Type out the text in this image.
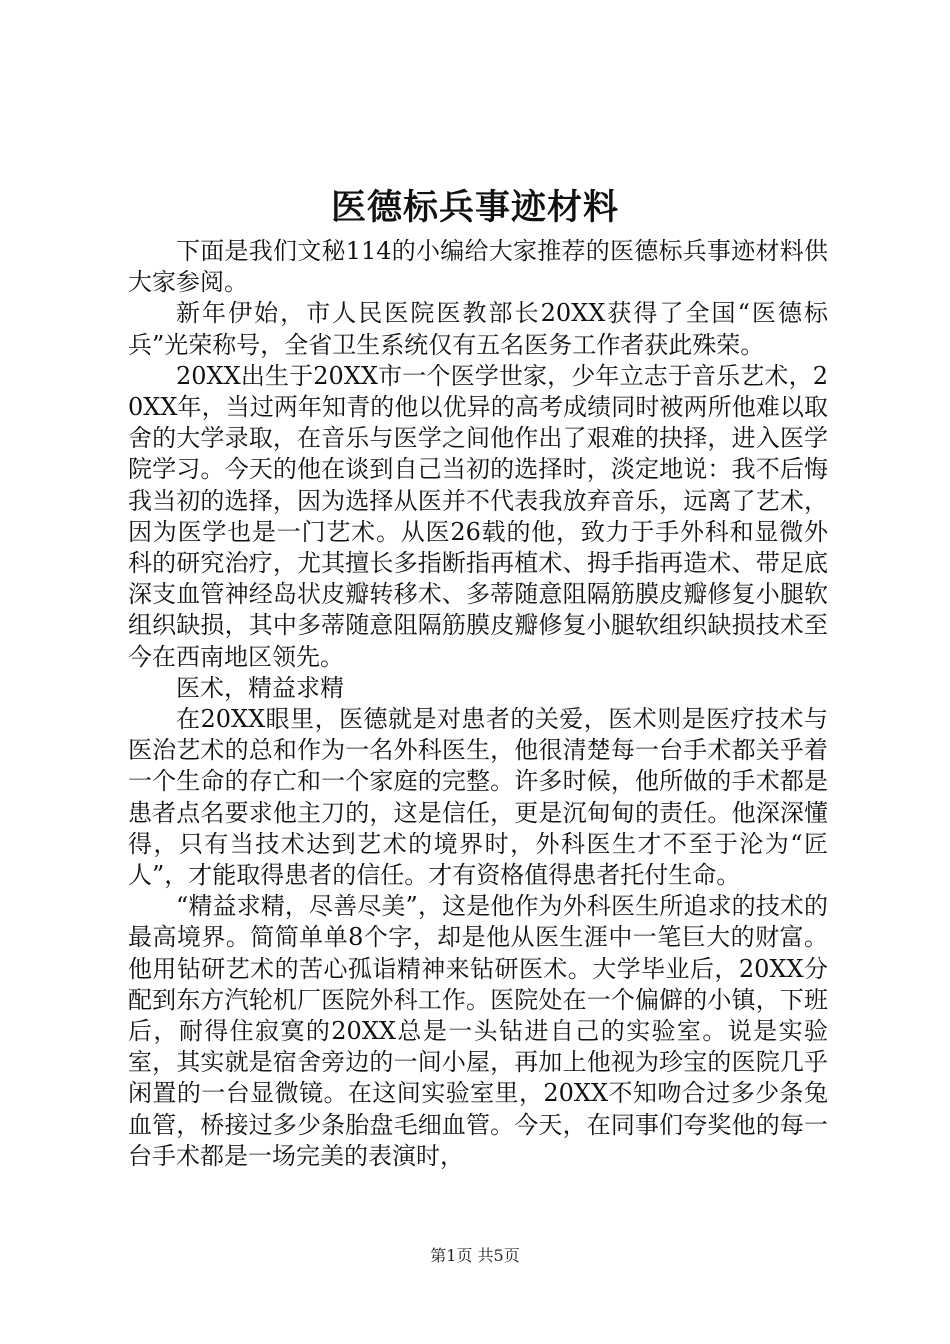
医德标兵事迹材料

下面是我们文秘114的小编给大家推荐的医德标兵事迹材料供大家参阅。

新年伊始，市人民医院医教部长20XX获得了全国“医德标兵”光荣称号，全省卫生系统仅有五名医务工作者获此殊荣。

20XX出生于20XX市一个医学世家，少年立志于音乐艺术，20XX年，当过两年知青的他以优异的高考成绩同时被两所他难以取舍的大学录取，在音乐与医学之间他作出了艰难的抉择，进入医学院学习。今天的他在谈到自己当初的选择时，淡定地说：我不后悔我当初的选择，因为选择从医并不代表我放弃音乐，远离了艺术，因为医学也是一门艺术。从医26载的他，致力于手外科和显微外科的研究治疗，尤其擅长多指断指再植术、拇手指再造术、带足底深支血管神经岛状皮瓣转移术、多蒂随意阻隔筋膜皮瓣修复小腿软组织缺损，其中多蒂随意阻隔筋膜皮瓣修复小腿软组织缺损技术至今在西南地区领先。

医术，精益求精

在20XX眼里，医德就是对患者的关爱，医术则是医疗技术与医治艺术的总和作为一名外科医生，他很清楚每一台手术都关乎着一个生命的存亡和一个家庭的完整。许多时候，他所做的手术都是患者点名要求他主刀的，这是信任，更是沉甸甸的责任。他深深懂得，只有当技术达到艺术的境界时，外科医生才不至于沦为“匠人”，才能取得患者的信任。才有资格值得患者托付生命。

“精益求精，尽善尽美”，这是他作为外科医生所追求的技术的最高境界。简简单单8个字，却是他从医生涯中一笔巨大的财富。他用钻研艺术的苦心孤诣精神来钻研医术。大学毕业后，20XX分配到东方汽轮机厂医院外科工作。医院处在一个偏僻的小镇，下班后，耐得住寂寞的20XX总是一头钻进自己的实验室。说是实验室，其实就是宿舍旁边的一间小屋，再加上他视为珍宝的医院几乎闲置的一台显微镜。在这间实验室里，20XX不知吻合过多少条兔血管，桥接过多少条胎盘毛细血管。今天，在同事们夸奖他的每一台手术都是一场完美的表演时，

第1页 共5页
